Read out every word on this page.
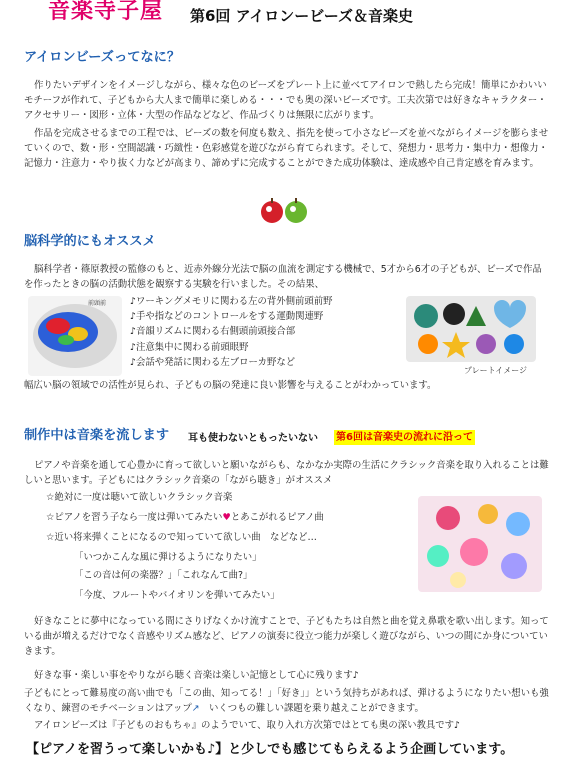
音楽寺子屋 第6回 アイロンービーズ＆音楽史
アイロンビーズってなに？
作りたいデザインをイメージしながら、様々な色のビーズをプレート上に並べてアイロンで熱したら完成！簡単にかわいいモチーフが作れて、子どもから大人まで簡単に楽しめる・・・でも奥の深いビーズです。工夫次第では好きなキャラクター・アクセサリー・図形・立体・大型の作品などなど、作品づくりは無限に広がります。
作品を完成させるまでの工程では、ビーズの数を何度も数え、指先を使って小さなビーズを並べながらイメージを膨らませていくので、数・形・空間認識・巧緻性・色彩感覚を遊びながら育てられます。そして、発想力・思考力・集中力・想像力・記憶力・注意力・やり抜く力などが高まり、諦めずに完成することができた成功体験は、達成感や自己肯定感を育みます。
脳科学的にもオススメ
脳科学者・篠原教授の監修のもと、近赤外線分光法で脳の血流を測定する機械で、5才から6才の子どもが、ビーズで作品を作ったときの脳の活動状態を観察する実験を行いました。その結果、
前頭前	♪ワーキングメモリに関わる左の背外側前頭前野
♪手や指などのコントロールをする運動関連野
♪音韻リズムに関わる右側頭前頭接合部
♪注意集中に関わる前頭眼野
♪会話や発話に関わる左ブローカ野など
プレートイメージ
幅広い脳の領域での活性が見られ、子どもの脳の発達に良い影響を与えることがわかっています。
制作中は音楽を流します 耳も使わないともったいない 第6回は音楽史の流れに沿って
ピアノや音楽を通して心豊かに育って欲しいと願いながらも、なかなか実際の生活にクラシック音楽を取り入れることは難しいと思います。子どもにはクラシック音楽の「ながら聴き」がオススメ
☆絶対に一度は聴いて欲しいクラシック音楽
☆ピアノを習う子なら一度は弾いてみたい♥とあこがれるピアノ曲
☆近い将来弾くことになるので知っていて欲しい曲　などなど…
「いつかこんな風に弾けるようになりたい」
「この音は何の楽器？」「これなんて曲?」
「今度、フルートやバイオリンを弾いてみたい」
好きなことに夢中になっている間にさりげなくかけ流すことで、子どもたちは自然と曲を覚え鼻歌を歌い出します。知っている曲が増えるだけでなく音感やリズム感など、ピアノの演奏に役立つ能力が楽しく遊びながら、いつの間にか身についていきます。
好きな事・楽しい事をやりながら聴く音楽は楽しい記憶として心に残ります♪
子どもにとって難易度の高い曲でも「この曲、知ってる！」「好き」」という気持ちがあれば、弾けるようになりたい想いも強くなり、練習のモチベーションはアップ↗　 いくつもの難しい課題を乗り越えことができます。
アイロンビーズは『子どものおもちゃ』のようでいて、取り入れ方次第ではとても奥の深い教具です♪
【ピアノを習うって楽しいかも♪】と少しでも感じてもらえるよう企画しています。
